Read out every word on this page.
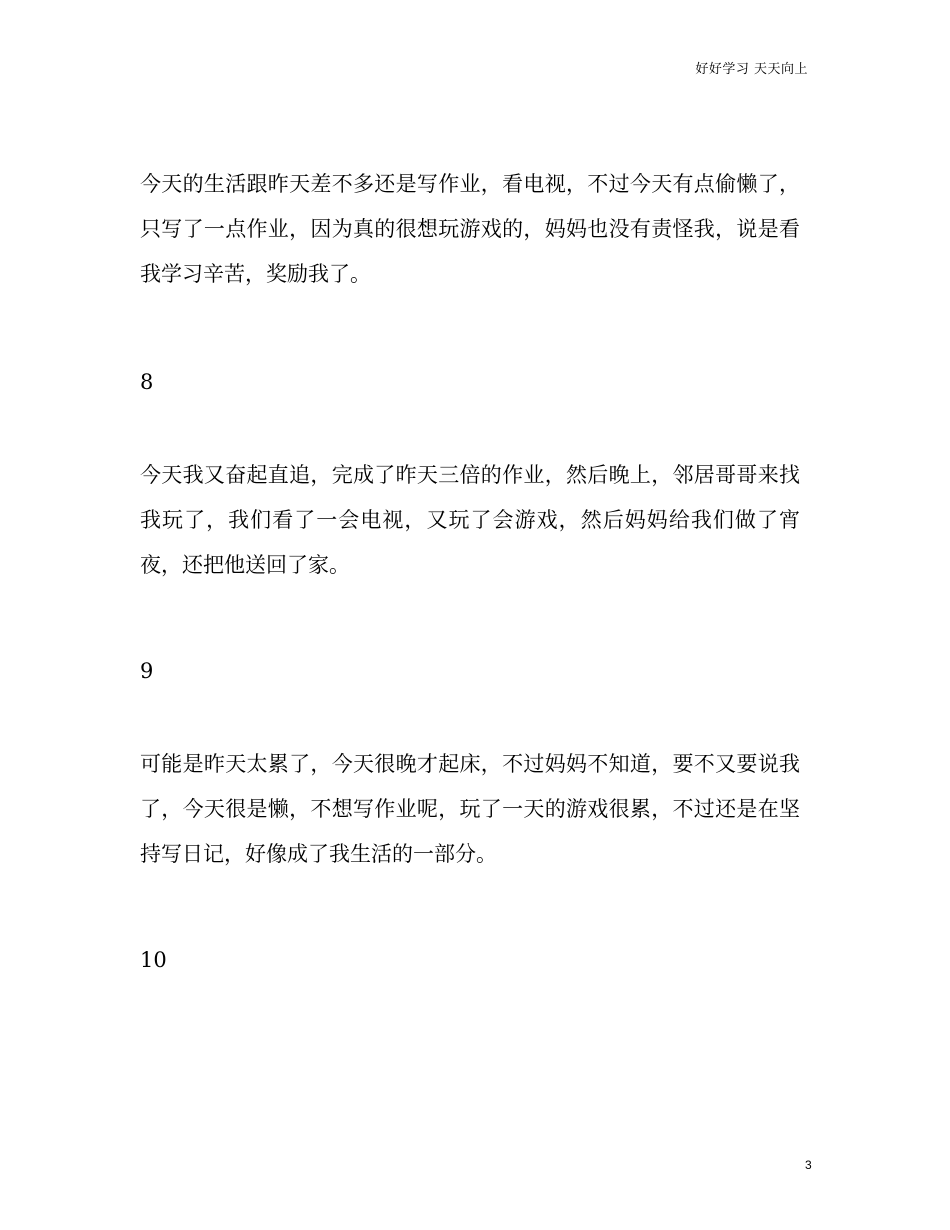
好好学习 天天向上

今天的生活跟昨天差不多还是写作业，看电视，不过今天有点偷懒了，只写了一点作业，因为真的很想玩游戏的，妈妈也没有责怪我，说是看我学习辛苦，奖励我了。

8

今天我又奋起直追，完成了昨天三倍的作业，然后晚上，邻居哥哥来找我玩了，我们看了一会电视，又玩了会游戏，然后妈妈给我们做了宵夜，还把他送回了家。

9

可能是昨天太累了，今天很晚才起床，不过妈妈不知道，要不又要说我了，今天很是懒，不想写作业呢，玩了一天的游戏很累，不过还是在坚持写日记，好像成了我生活的一部分。

10

3
